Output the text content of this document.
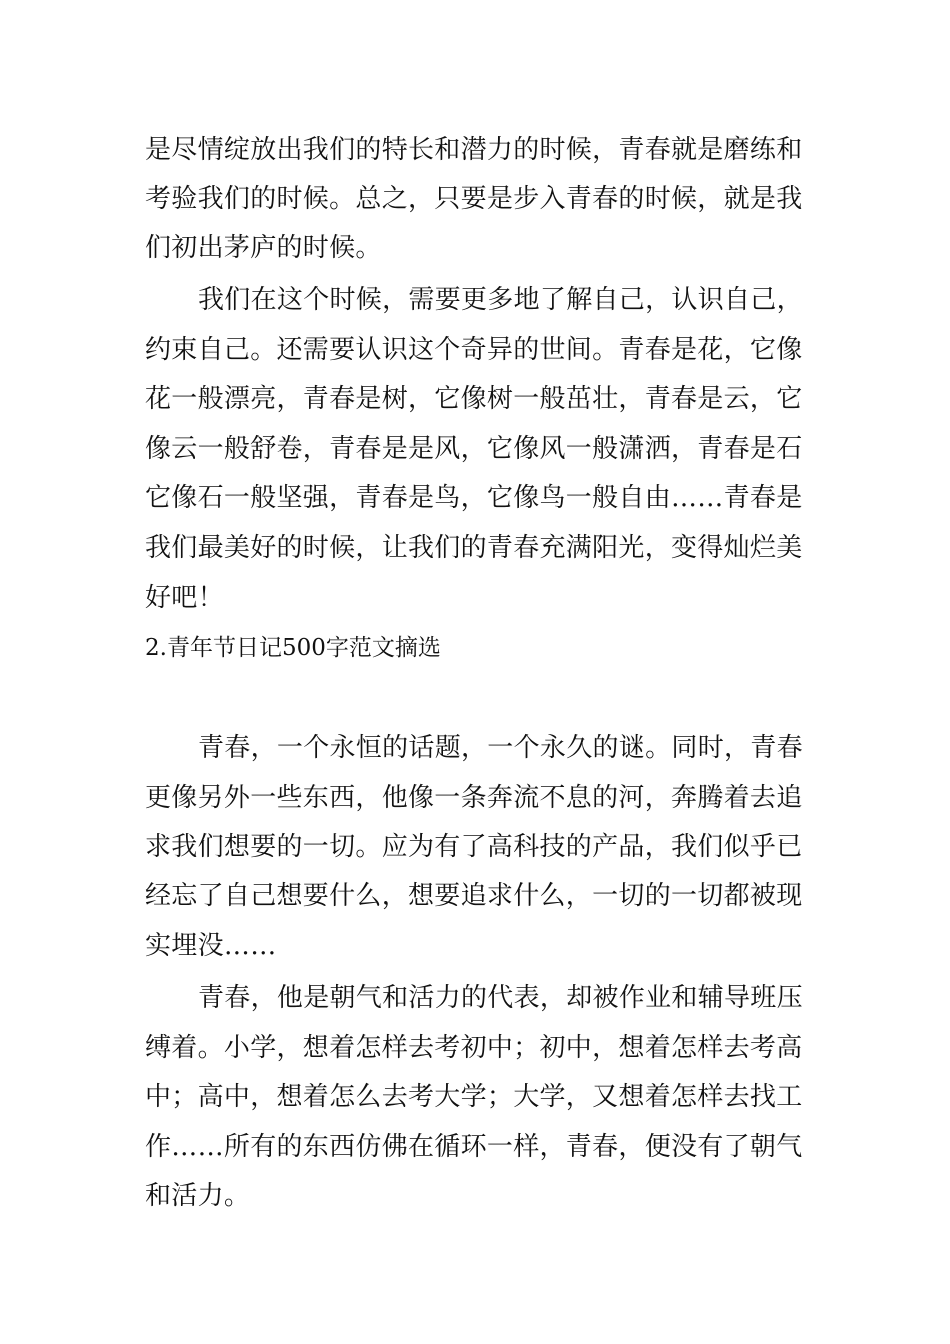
是尽情绽放出我们的特长和潜力的时候，青春就是磨练和
考验我们的时候。总之，只要是步入青春的时候，就是我
们初出茅庐的时候。
我们在这个时候，需要更多地了解自己，认识自己，
约束自己。还需要认识这个奇异的世间。青春是花，它像
花一般漂亮，青春是树，它像树一般茁壮，青春是云，它
像云一般舒卷，青春是是风，它像风一般潇洒，青春是石
它像石一般坚强，青春是鸟，它像鸟一般自由……青春是
我们最美好的时候，让我们的青春充满阳光，变得灿烂美
好吧！
2.青年节日记500字范文摘选
青春，一个永恒的话题，一个永久的谜。同时，青春
更像另外一些东西，他像一条奔流不息的河，奔腾着去追
求我们想要的一切。应为有了高科技的产品，我们似乎已
经忘了自己想要什么，想要追求什么，一切的一切都被现
实埋没……
青春，他是朝气和活力的代表，却被作业和辅导班压
缚着。小学，想着怎样去考初中；初中，想着怎样去考高
中；高中，想着怎么去考大学；大学，又想着怎样去找工
作……所有的东西仿佛在循环一样，青春，便没有了朝气
和活力。
